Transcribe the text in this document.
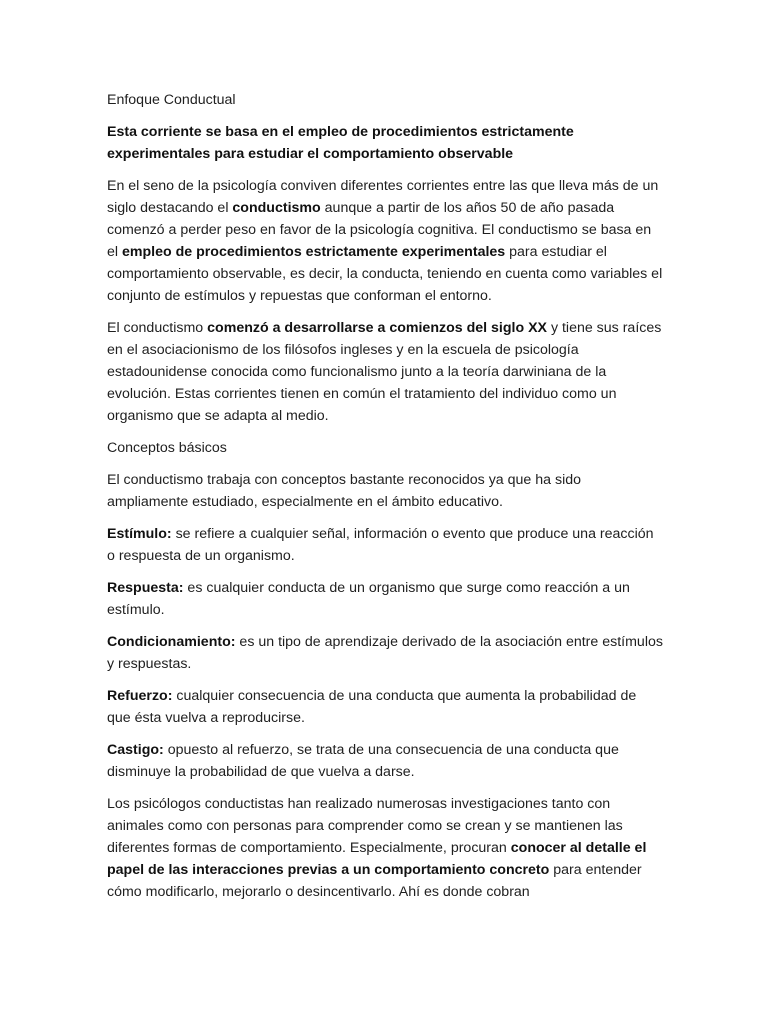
Enfoque Conductual

Esta corriente se basa en el empleo de procedimientos estrictamente experimentales para estudiar el comportamiento observable

En el seno de la psicología conviven diferentes corrientes entre las que lleva más de un siglo destacando el conductismo aunque a partir de los años 50 de año pasada comenzó a perder peso en favor de la psicología cognitiva. El conductismo se basa en el empleo de procedimientos estrictamente experimentales para estudiar el comportamiento observable, es decir, la conducta, teniendo en cuenta como variables el conjunto de estímulos y repuestas que conforman el entorno.

El conductismo comenzó a desarrollarse a comienzos del siglo XX y tiene sus raíces en el asociacionismo de los filósofos ingleses y en la escuela de psicología estadounidense conocida como funcionalismo junto a la teoría darwiniana de la evolución. Estas corrientes tienen en común el tratamiento del individuo como un organismo que se adapta al medio.

Conceptos básicos

El conductismo trabaja con conceptos bastante reconocidos ya que ha sido ampliamente estudiado, especialmente en el ámbito educativo.

Estímulo: se refiere a cualquier señal, información o evento que produce una reacción o respuesta de un organismo.

Respuesta: es cualquier conducta de un organismo que surge como reacción a un estímulo.

Condicionamiento: es un tipo de aprendizaje derivado de la asociación entre estímulos y respuestas.

Refuerzo: cualquier consecuencia de una conducta que aumenta la probabilidad de que ésta vuelva a reproducirse.

Castigo: opuesto al refuerzo, se trata de una consecuencia de una conducta que disminuye la probabilidad de que vuelva a darse.

Los psicólogos conductistas han realizado numerosas investigaciones tanto con animales como con personas para comprender como se crean y se mantienen las diferentes formas de comportamiento. Especialmente, procuran conocer al detalle el papel de las interacciones previas a un comportamiento concreto para entender cómo modificarlo, mejorarlo o desincentivarlo. Ahí es donde cobran
